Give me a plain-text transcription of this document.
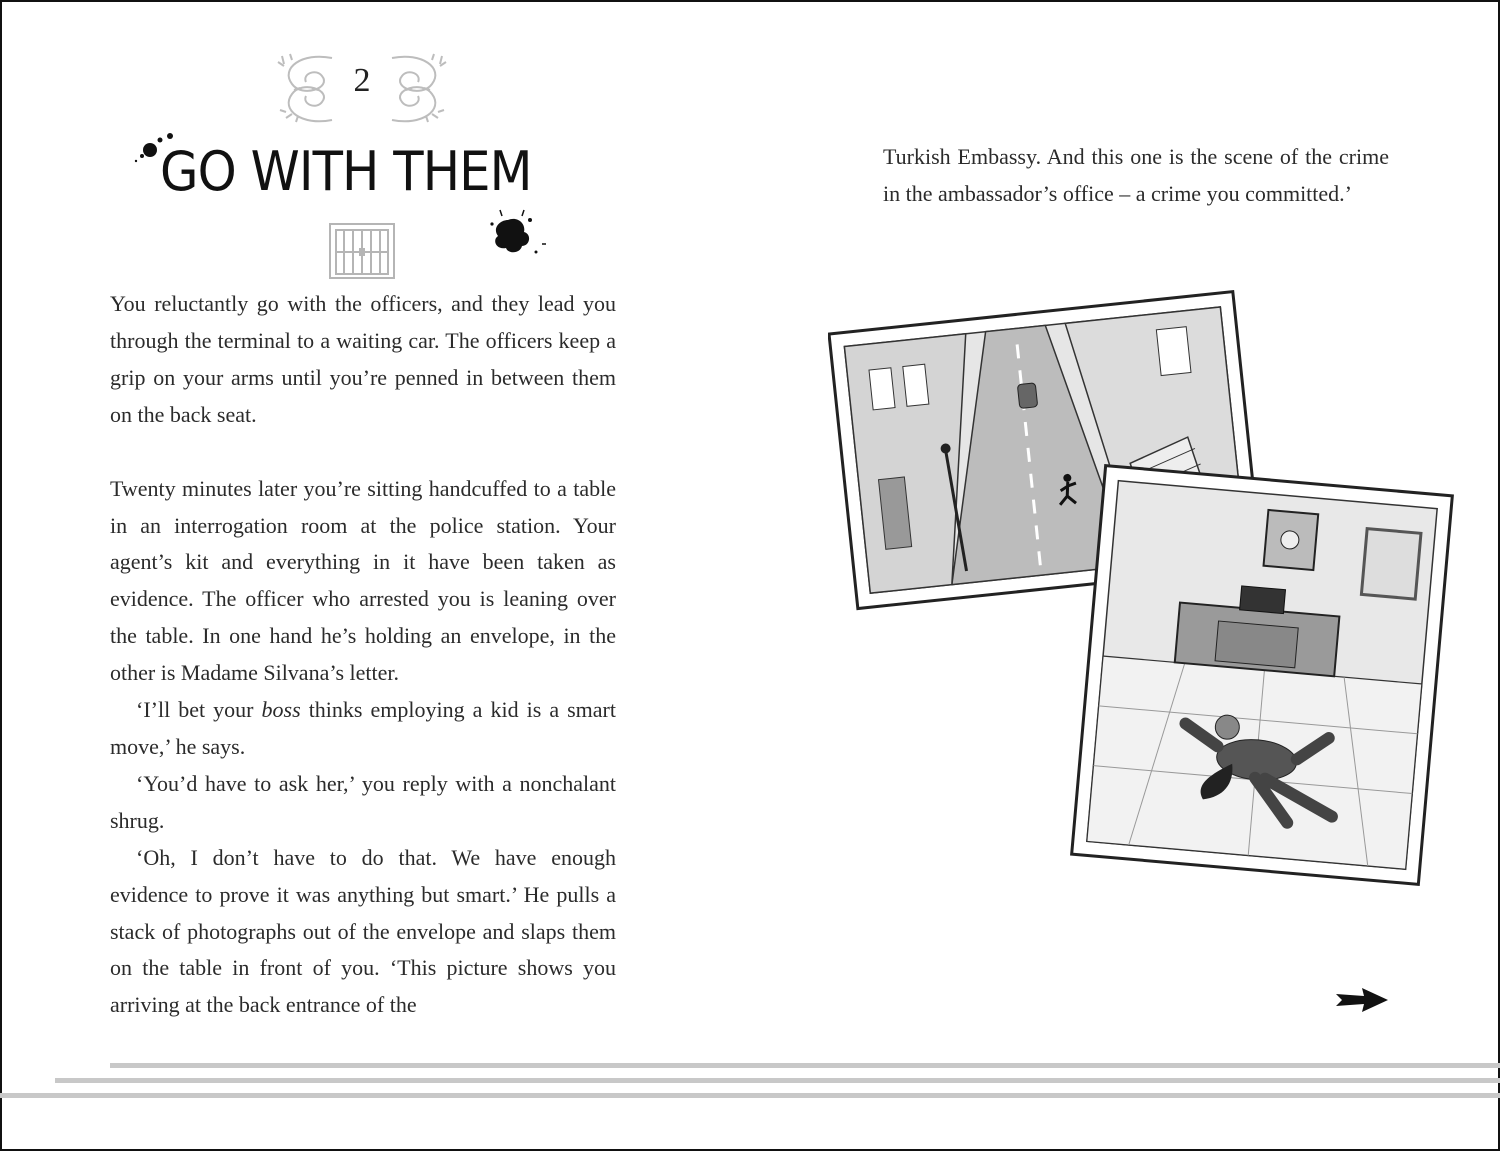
2
GO WITH THEM

You reluctantly go with the officers, and they lead you through the terminal to a waiting car. The officers keep a grip on your arms until you’re penned in between them on the back seat.

Twenty minutes later you’re sitting handcuffed to a table in an interrogation room at the police station. Your agent’s kit and everything in it have been taken as evidence. The officer who arrested you is leaning over the table. In one hand he’s holding an envelope, in the other is Madame Silvana’s letter.

‘I’ll bet your boss thinks employing a kid is a smart move,’ he says.

‘You’d have to ask her,’ you reply with a nonchalant shrug.

‘Oh, I don’t have to do that. We have enough evidence to prove it was anything but smart.’ He pulls a stack of photographs out of the envelope and slaps them on the table in front of you. ‘This picture shows you arriving at the back entrance of the

Turkish Embassy. And this one is the scene of the crime in the ambassador’s office – a crime you committed.’
